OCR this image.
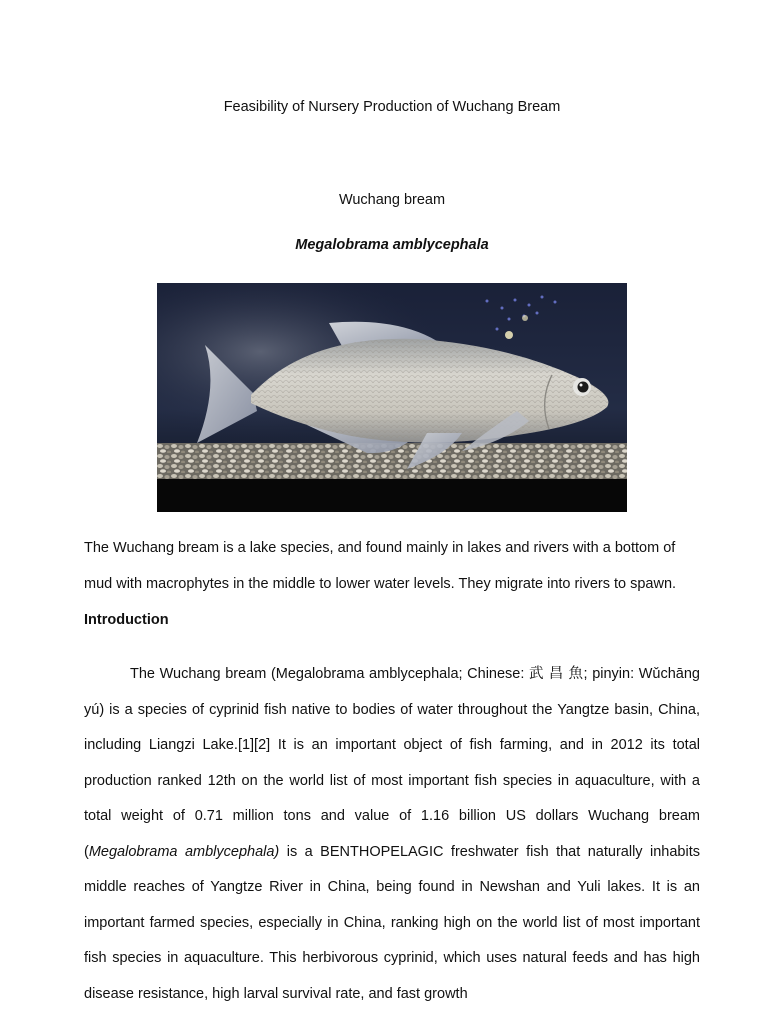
Feasibility of Nursery Production of Wuchang Bream
Wuchang bream
Megalobrama amblycephala

The Wuchang bream is a lake species, and found mainly in lakes and rivers with a bottom of mud with macrophytes in the middle to lower water levels. They migrate into rivers to spawn.

Introduction

The Wuchang bream (Megalobrama amblycephala; Chinese: 武 昌 魚; pinyin: Wǔchāng yú) is a species of cyprinid fish native to bodies of water throughout the Yangtze basin, China, including Liangzi Lake.[1][2] It is an important object of fish farming, and in 2012 its total production ranked 12th on the world list of most important fish species in aquaculture, with a total weight of 0.71 million tons and value of 1.16 billion US dollars Wuchang bream (Megalobrama amblycephala) is a BENTHOPELAGIC freshwater fish that naturally inhabits middle reaches of Yangtze River in China, being found in Newshan and Yuli lakes. It is an important farmed species, especially in China, ranking high on the world list of most important fish species in aquaculture. This herbivorous cyprinid, which uses natural feeds and has high disease resistance, high larval survival rate, and fast growth
